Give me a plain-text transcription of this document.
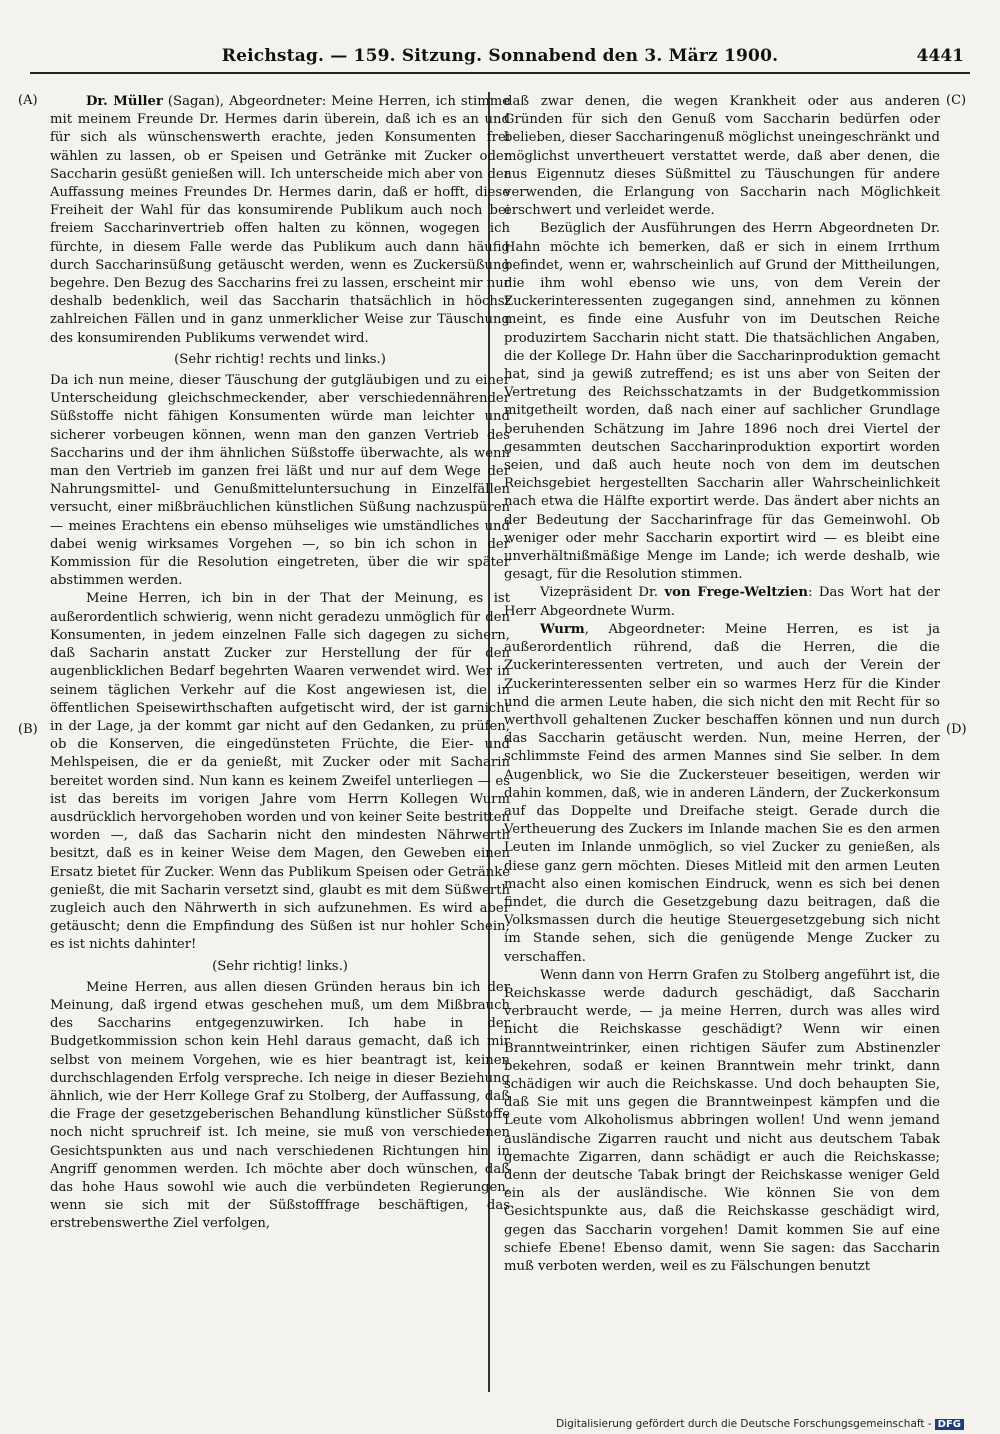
Reichstag. — 159. Sitzung. Sonnabend den 3. März 1900.	4441
(A)
(B)
(C)
(D)

Dr. Müller (Sagan), Abgeordneter: Meine Herren, ich stimme mit meinem Freunde Dr. Hermes darin überein, daß ich es an und für sich als wünschenswerth erachte, jeden Konsumenten frei wählen zu lassen, ob er Speisen und Getränke mit Zucker oder Saccharin gesüßt genießen will. Ich unterscheide mich aber von der Auffassung meines Freundes Dr. Hermes darin, daß er hofft, diese Freiheit der Wahl für das konsumirende Publikum auch noch bei freiem Saccharinvertrieb offen halten zu können, wogegen ich fürchte, in diesem Falle werde das Publikum auch dann häufig durch Saccharinsüßung getäuscht werden, wenn es Zuckersüßung begehre. Den Bezug des Saccharins frei zu lassen, erscheint mir nur deshalb bedenklich, weil das Saccharin thatsächlich in höchst zahlreichen Fällen und in ganz unmerklicher Weise zur Täuschung des konsumirenden Publikums verwendet wird.

(Sehr richtig! rechts und links.)

Da ich nun meine, dieser Täuschung der gutgläubigen und zu einer Unterscheidung gleichschmeckender, aber verschiedennährender Süßstoffe nicht fähigen Konsumenten würde man leichter und sicherer vorbeugen können, wenn man den ganzen Vertrieb des Saccharins und der ihm ähnlichen Süßstoffe überwachte, als wenn man den Vertrieb im ganzen frei läßt und nur auf dem Wege der Nahrungsmittel- und Genußmitteluntersuchung in Einzelfällen versucht, einer mißbräuchlichen künstlichen Süßung nachzuspüren — meines Erachtens ein ebenso mühseliges wie umständliches und dabei wenig wirksames Vorgehen —, so bin ich schon in der Kommission für die Resolution eingetreten, über die wir später abstimmen werden.

Meine Herren, ich bin in der That der Meinung, es ist außerordentlich schwierig, wenn nicht geradezu unmöglich für den Konsumenten, in jedem einzelnen Falle sich dagegen zu sichern, daß Sacharin anstatt Zucker zur Herstellung der für den augenblicklichen Bedarf begehrten Waaren verwendet wird. Wer in seinem täglichen Verkehr auf die Kost angewiesen ist, die in öffentlichen Speisewirthschaften aufgetischt wird, der ist garnicht in der Lage, ja der kommt gar nicht auf den Gedanken, zu prüfen, ob die Konserven, die eingedünsteten Früchte, die Eier- und Mehlspeisen, die er da genießt, mit Zucker oder mit Sacharin bereitet worden sind. Nun kann es keinem Zweifel unterliegen — es ist das bereits im vorigen Jahre vom Herrn Kollegen Wurm ausdrücklich hervorgehoben worden und von keiner Seite bestritten worden —, daß das Sacharin nicht den mindesten Nährwerth besitzt, daß es in keiner Weise dem Magen, den Geweben einen Ersatz bietet für Zucker. Wenn das Publikum Speisen oder Getränke genießt, die mit Sacharin versetzt sind, glaubt es mit dem Süßwerth zugleich auch den Nährwerth in sich aufzunehmen. Es wird aber getäuscht; denn die Empfindung des Süßen ist nur hohler Schein; es ist nichts dahinter!

(Sehr richtig! links.)

Meine Herren, aus allen diesen Gründen heraus bin ich der Meinung, daß irgend etwas geschehen muß, um dem Mißbrauch des Saccharins entgegenzuwirken. Ich habe in der Budgetkommission schon kein Hehl daraus gemacht, daß ich mir selbst von meinem Vorgehen, wie es hier beantragt ist, keinen durchschlagenden Erfolg verspreche. Ich neige in dieser Beziehung ähnlich, wie der Herr Kollege Graf zu Stolberg, der Auffassung, daß die Frage der gesetzgeberischen Behandlung künstlicher Süßstoffe noch nicht spruchreif ist. Ich meine, sie muß von verschiedenen Gesichtspunkten aus und nach verschiedenen Richtungen hin in Angriff genommen werden. Ich möchte aber doch wünschen, daß das hohe Haus sowohl wie auch die verbündeten Regierungen, wenn sie sich mit der Süßstofffrage beschäftigen, das erstrebenswerthe Ziel verfolgen,

daß zwar denen, die wegen Krankheit oder aus anderen Gründen für sich den Genuß vom Saccharin bedürfen oder belieben, dieser Saccharingenuß möglichst uneingeschränkt und möglichst unvertheuert verstattet werde, daß aber denen, die aus Eigennutz dieses Süßmittel zu Täuschungen für andere verwenden, die Erlangung von Saccharin nach Möglichkeit erschwert und verleidet werde.

Bezüglich der Ausführungen des Herrn Abgeordneten Dr. Hahn möchte ich bemerken, daß er sich in einem Irrthum befindet, wenn er, wahrscheinlich auf Grund der Mittheilungen, die ihm wohl ebenso wie uns, von dem Verein der Zuckerinteressenten zugegangen sind, annehmen zu können meint, es finde eine Ausfuhr von im Deutschen Reiche produzirtem Saccharin nicht statt. Die thatsächlichen Angaben, die der Kollege Dr. Hahn über die Saccharinproduktion gemacht hat, sind ja gewiß zutreffend; es ist uns aber von Seiten der Vertretung des Reichsschatzamts in der Budgetkommission mitgetheilt worden, daß nach einer auf sachlicher Grundlage beruhenden Schätzung im Jahre 1896 noch drei Viertel der gesammten deutschen Saccharinproduktion exportirt worden seien, und daß auch heute noch von dem im deutschen Reichsgebiet hergestellten Saccharin aller Wahrscheinlichkeit nach etwa die Hälfte exportirt werde. Das ändert aber nichts an der Bedeutung der Saccharinfrage für das Gemeinwohl. Ob weniger oder mehr Saccharin exportirt wird — es bleibt eine unverhältnißmäßige Menge im Lande; ich werde deshalb, wie gesagt, für die Resolution stimmen.

Vizepräsident Dr. von Frege-Weltzien: Das Wort hat der Herr Abgeordnete Wurm.

Wurm, Abgeordneter: Meine Herren, es ist ja außerordentlich rührend, daß die Herren, die die Zuckerinteressenten vertreten, und auch der Verein der Zuckerinteressenten selber ein so warmes Herz für die Kinder und die armen Leute haben, die sich nicht den mit Recht für so werthvoll gehaltenen Zucker beschaffen können und nun durch das Saccharin getäuscht werden. Nun, meine Herren, der schlimmste Feind des armen Mannes sind Sie selber. In dem Augenblick, wo Sie die Zuckersteuer beseitigen, werden wir dahin kommen, daß, wie in anderen Ländern, der Zuckerkonsum auf das Doppelte und Dreifache steigt. Gerade durch die Vertheuerung des Zuckers im Inlande machen Sie es den armen Leuten im Inlande unmöglich, so viel Zucker zu genießen, als diese ganz gern möchten. Dieses Mitleid mit den armen Leuten macht also einen komischen Eindruck, wenn es sich bei denen findet, die durch die Gesetzgebung dazu beitragen, daß die Volksmassen durch die heutige Steuergesetzgebung sich nicht im Stande sehen, sich die genügende Menge Zucker zu verschaffen.

Wenn dann von Herrn Grafen zu Stolberg angeführt ist, die Reichskasse werde dadurch geschädigt, daß Saccharin verbraucht werde, — ja meine Herren, durch was alles wird nicht die Reichskasse geschädigt? Wenn wir einen Branntweintrinker, einen richtigen Säufer zum Abstinenzler bekehren, sodaß er keinen Branntwein mehr trinkt, dann schädigen wir auch die Reichskasse. Und doch behaupten Sie, daß Sie mit uns gegen die Branntweinpest kämpfen und die Leute vom Alkoholismus abbringen wollen! Und wenn jemand ausländische Zigarren raucht und nicht aus deutschem Tabak gemachte Zigarren, dann schädigt er auch die Reichskasse; denn der deutsche Tabak bringt der Reichskasse weniger Geld ein als der ausländische. Wie können Sie von dem Gesichtspunkte aus, daß die Reichskasse geschädigt wird, gegen das Saccharin vorgehen! Damit kommen Sie auf eine schiefe Ebene! Ebenso damit, wenn Sie sagen: das Saccharin muß verboten werden, weil es zu Fälschungen benutzt

Digitalisierung gefördert durch die Deutsche Forschungsgemeinschaft - DFG
